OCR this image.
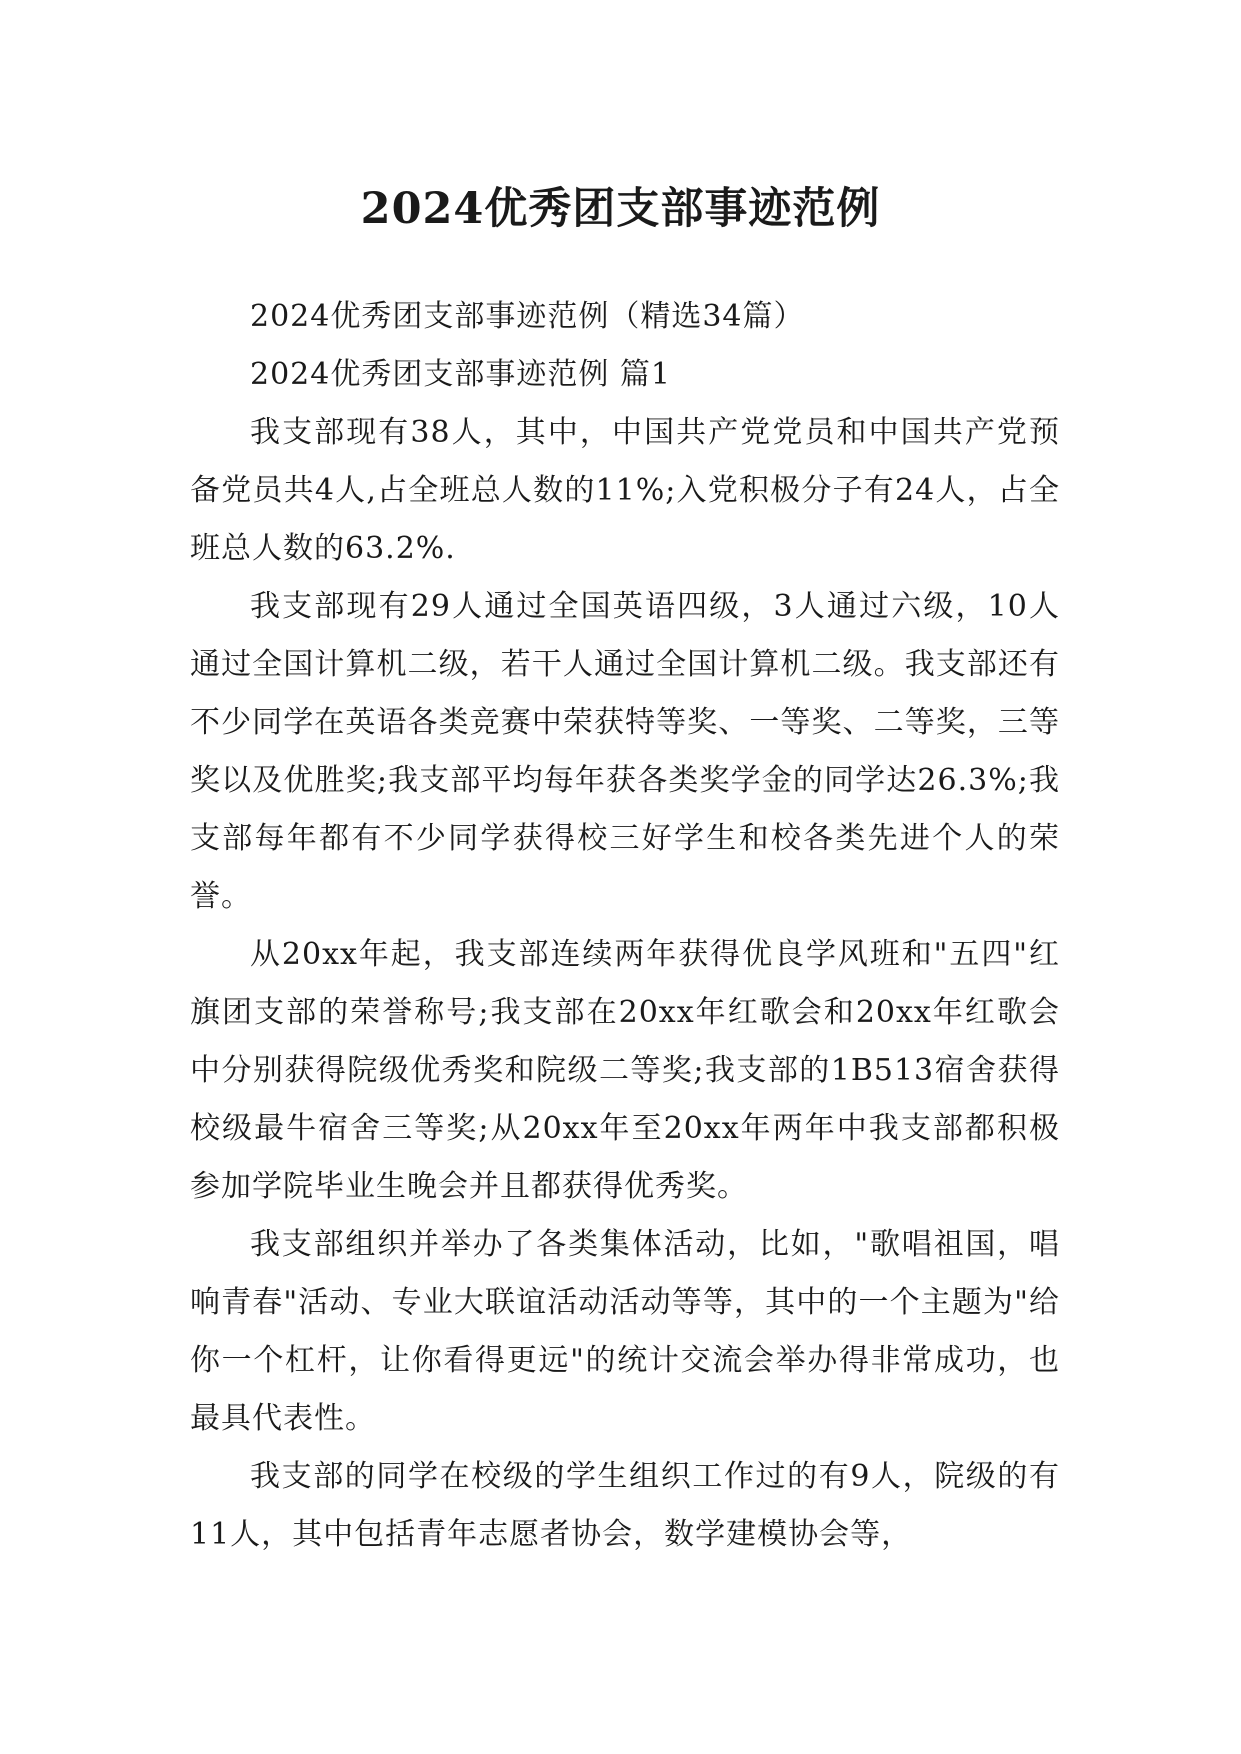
2024优秀团支部事迹范例

2024优秀团支部事迹范例（精选34篇）

2024优秀团支部事迹范例 篇1

我支部现有38人，其中，中国共产党党员和中国共产党预备党员共4人,占全班总人数的11%;入党积极分子有24人，占全班总人数的63.2%.

我支部现有29人通过全国英语四级，3人通过六级，10人通过全国计算机二级，若干人通过全国计算机二级。我支部还有不少同学在英语各类竞赛中荣获特等奖、一等奖、二等奖，三等奖以及优胜奖;我支部平均每年获各类奖学金的同学达26.3%;我支部每年都有不少同学获得校三好学生和校各类先进个人的荣誉。

从20xx年起，我支部连续两年获得优良学风班和"五四"红旗团支部的荣誉称号;我支部在20xx年红歌会和20xx年红歌会中分别获得院级优秀奖和院级二等奖;我支部的1B513宿舍获得校级最牛宿舍三等奖;从20xx年至20xx年两年中我支部都积极参加学院毕业生晚会并且都获得优秀奖。

我支部组织并举办了各类集体活动，比如，"歌唱祖国，唱响青春"活动、专业大联谊活动活动等等，其中的一个主题为"给你一个杠杆，让你看得更远"的统计交流会举办得非常成功，也最具代表性。

我支部的同学在校级的学生组织工作过的有9人，院级的有11人，其中包括青年志愿者协会，数学建模协会等，
